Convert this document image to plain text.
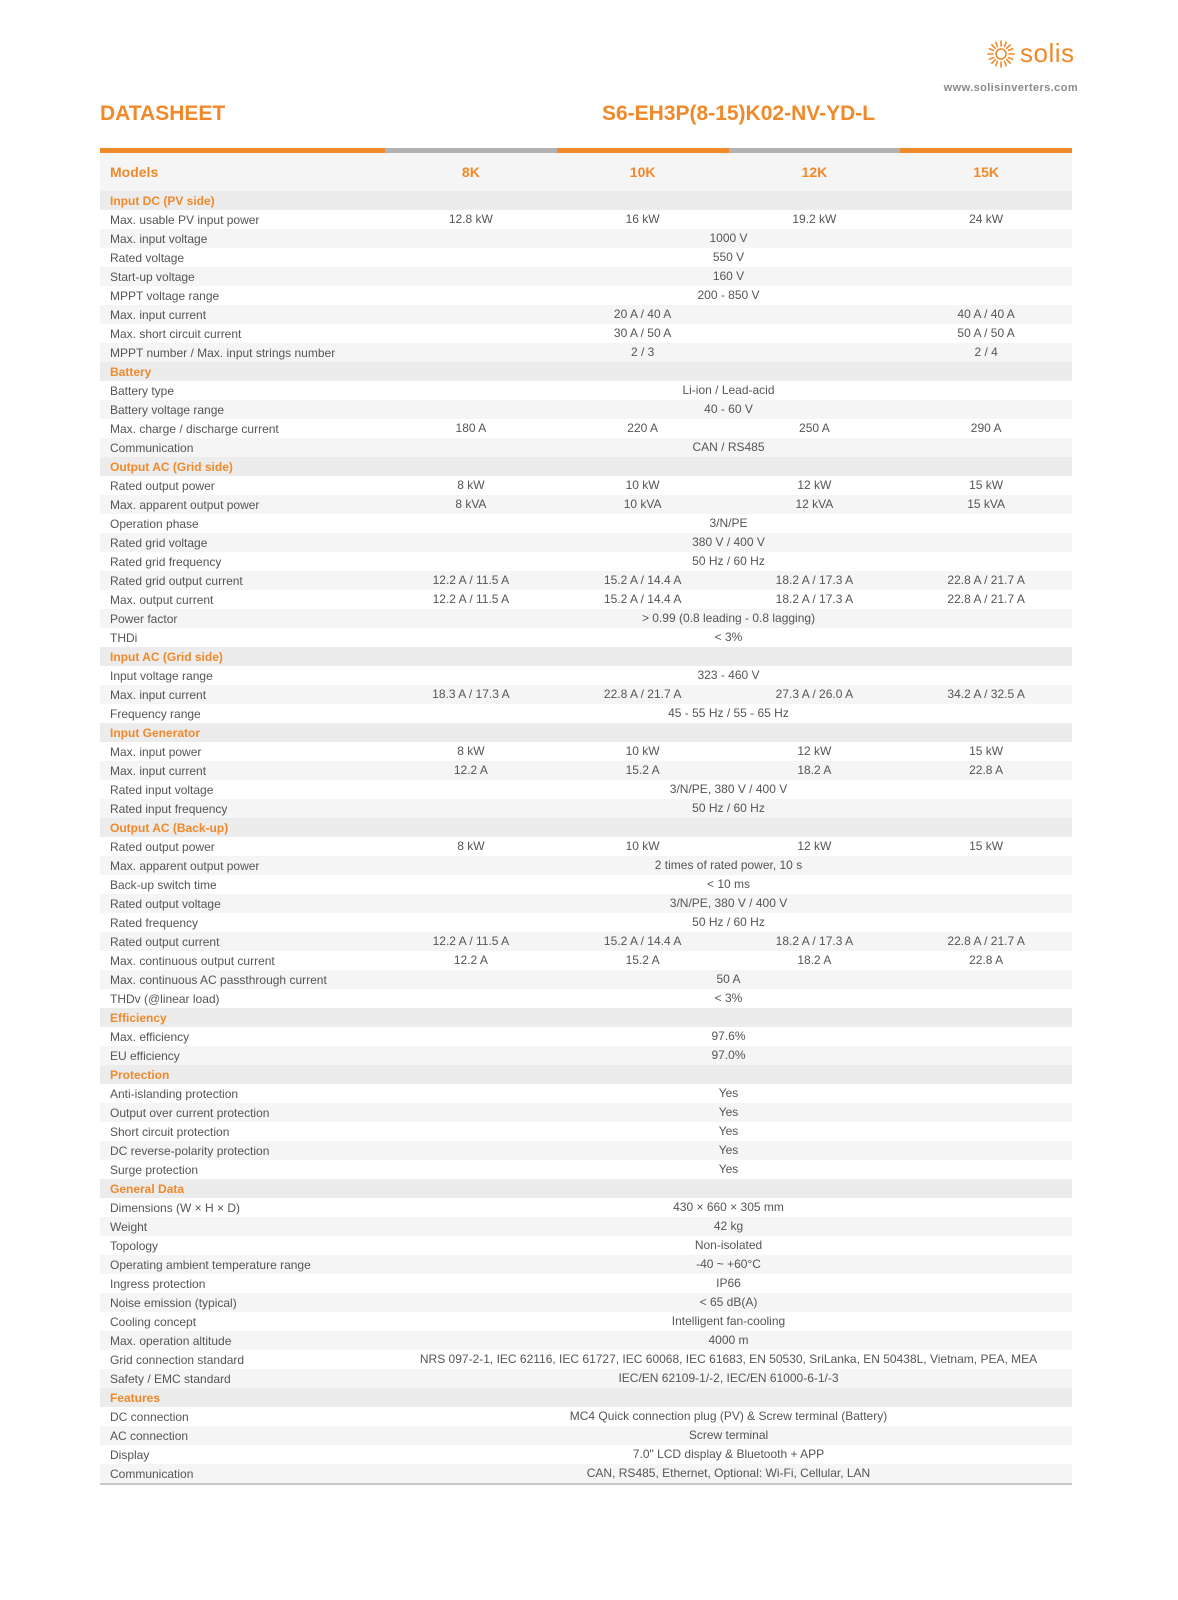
solis
www.solisinverters.com
DATASHEET	S6-EH3P(8-15)K02-NV-YD-L
Models	8K	10K	12K	15K
Input DC (PV side)
Max. usable PV input power	12.8 kW	16 kW	19.2 kW	24 kW
Max. input voltage	1000 V
Rated voltage	550 V
Start-up voltage	160 V
MPPT voltage range	200 - 850 V
Max. input current	20 A / 40 A	40 A / 40 A
Max. short circuit current	30 A / 50 A	50 A / 50 A
MPPT number / Max. input strings number	2 / 3	2 / 4
Battery
Battery type	Li-ion / Lead-acid
Battery voltage range	40 - 60 V
Max. charge / discharge current	180 A	220 A	250 A	290 A
Communication	CAN / RS485
Output AC (Grid side)
Rated output power	8 kW	10 kW	12 kW	15 kW
Max. apparent output power	8 kVA	10 kVA	12 kVA	15 kVA
Operation phase	3/N/PE
Rated grid voltage	380 V / 400 V
Rated grid frequency	50 Hz / 60 Hz
Rated grid output current	12.2 A / 11.5 A	15.2 A / 14.4 A	18.2 A / 17.3 A	22.8 A / 21.7 A
Max. output current	12.2 A / 11.5 A	15.2 A / 14.4 A	18.2 A / 17.3 A	22.8 A / 21.7 A
Power factor	> 0.99 (0.8 leading - 0.8 lagging)
THDi	< 3%
Input AC (Grid side)
Input voltage range	323 - 460 V
Max. input current	18.3 A / 17.3 A	22.8 A / 21.7 A	27.3 A / 26.0 A	34.2 A / 32.5 A
Frequency range	45 - 55 Hz / 55 - 65 Hz
Input Generator
Max. input power	8 kW	10 kW	12 kW	15 kW
Max. input current	12.2 A	15.2 A	18.2 A	22.8 A
Rated input voltage	3/N/PE, 380 V / 400 V
Rated input frequency	50 Hz / 60 Hz
Output AC (Back-up)
Rated output power	8 kW	10 kW	12 kW	15 kW
Max. apparent output power	2 times of rated power, 10 s
Back-up switch time	< 10 ms
Rated output voltage	3/N/PE, 380 V / 400 V
Rated frequency	50 Hz / 60 Hz
Rated output current	12.2 A / 11.5 A	15.2 A / 14.4 A	18.2 A / 17.3 A	22.8 A / 21.7 A
Max. continuous output current	12.2 A	15.2 A	18.2 A	22.8 A
Max. continuous AC passthrough current	50 A
THDv (@linear load)	< 3%
Efficiency
Max. efficiency	97.6%
EU efficiency	97.0%
Protection
Anti-islanding protection	Yes
Output over current protection	Yes
Short circuit protection	Yes
DC reverse-polarity protection	Yes
Surge protection	Yes
General Data
Dimensions (W × H × D)	430 × 660 × 305 mm
Weight	42 kg
Topology	Non-isolated
Operating ambient temperature range	-40 ~ +60°C
Ingress protection	IP66
Noise emission (typical)	< 65 dB(A)
Cooling concept	Intelligent fan-cooling
Max. operation altitude	4000 m
Grid connection standard	NRS 097-2-1, IEC 62116, IEC 61727, IEC 60068, IEC 61683, EN 50530, SriLanka, EN 50438L, Vietnam, PEA, MEA
Safety / EMC standard	IEC/EN 62109-1/-2, IEC/EN 61000-6-1/-3
Features
DC connection	MC4 Quick connection plug (PV) & Screw terminal (Battery)
AC connection	Screw terminal
Display	7.0" LCD display & Bluetooth + APP
Communication	CAN, RS485, Ethernet, Optional: Wi-Fi, Cellular, LAN
